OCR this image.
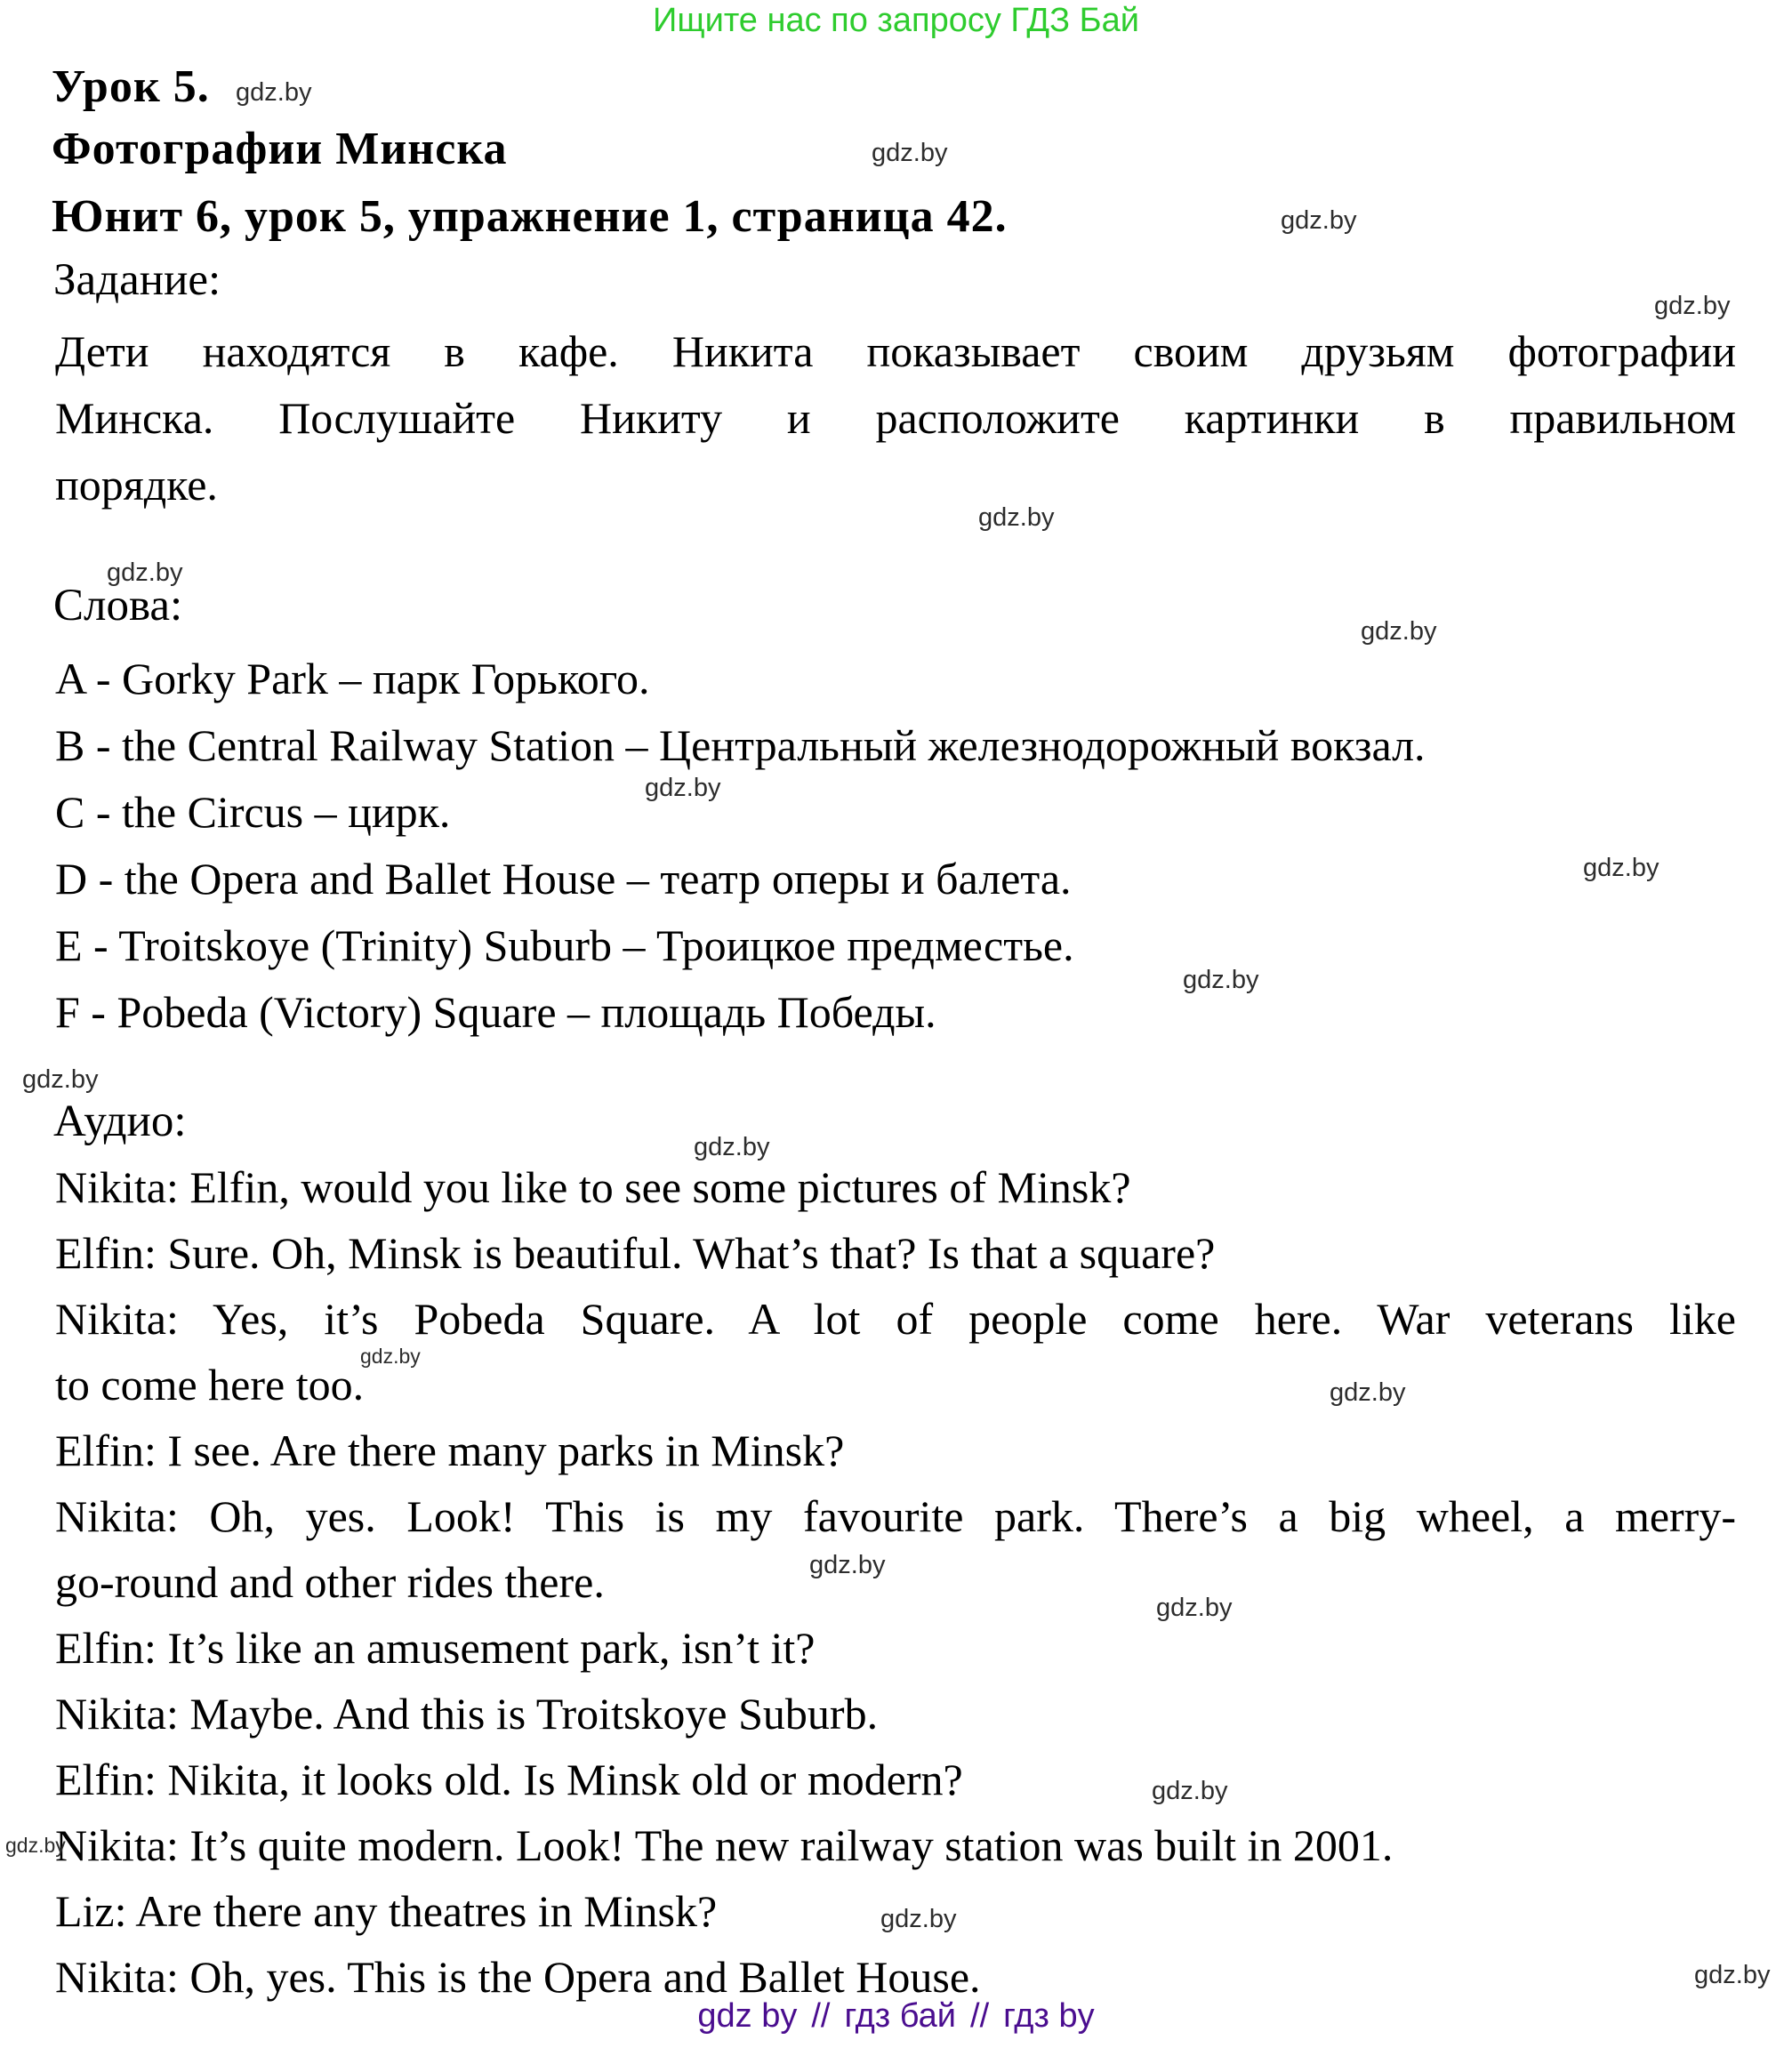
Ищите нас по запросу ГДЗ Бай
Урок 5.
Фотографии Минска
Юнит 6, урок 5, упражнение 1, страница 42.
Задание:
Дети находятся в кафе. Никита показывает своим друзьям фотографии
Минска. Послушайте Никиту и расположите картинки в правильном
порядке.
Слова:
A - Gorky Park – парк Горького.
B - the Central Railway Station – Центральный железнодорожный вокзал.
C - the Circus – цирк.
D - the Opera and Ballet House – театр оперы и балета.
E - Troitskoye (Trinity) Suburb – Троицкое предместье.
F - Pobeda (Victory) Square – площадь Победы.
Аудио:
Nikita: Elfin, would you like to see some pictures of Minsk?
Elfin: Sure. Oh, Minsk is beautiful. What’s that? Is that a square?
Nikita: Yes, it’s Pobeda Square. A lot of people come here. War veterans like
to come here too.
Elfin: I see. Are there many parks in Minsk?
Nikita: Oh, yes. Look! This is my favourite park. There’s a big wheel, a merry-
go-round and other rides there.
Elfin: It’s like an amusement park, isn’t it?
Nikita: Maybe. And this is Troitskoye Suburb.
Elfin: Nikita, it looks old. Is Minsk old or modern?
Nikita: It’s quite modern. Look! The new railway station was built in 2001.
Liz: Are there any theatres in Minsk?
Nikita: Oh, yes. This is the Opera and Ballet House.
gdz.by
gdz.by
gdz.by
gdz.by
gdz.by
gdz.by
gdz.by
gdz.by
gdz.by
gdz.by
gdz.by
gdz.by
gdz.by
gdz.by
gdz.by
gdz.by
gdz.by
gdz.by
gdz.by
gdz.by
gdz by // гдз бай // гдз by
